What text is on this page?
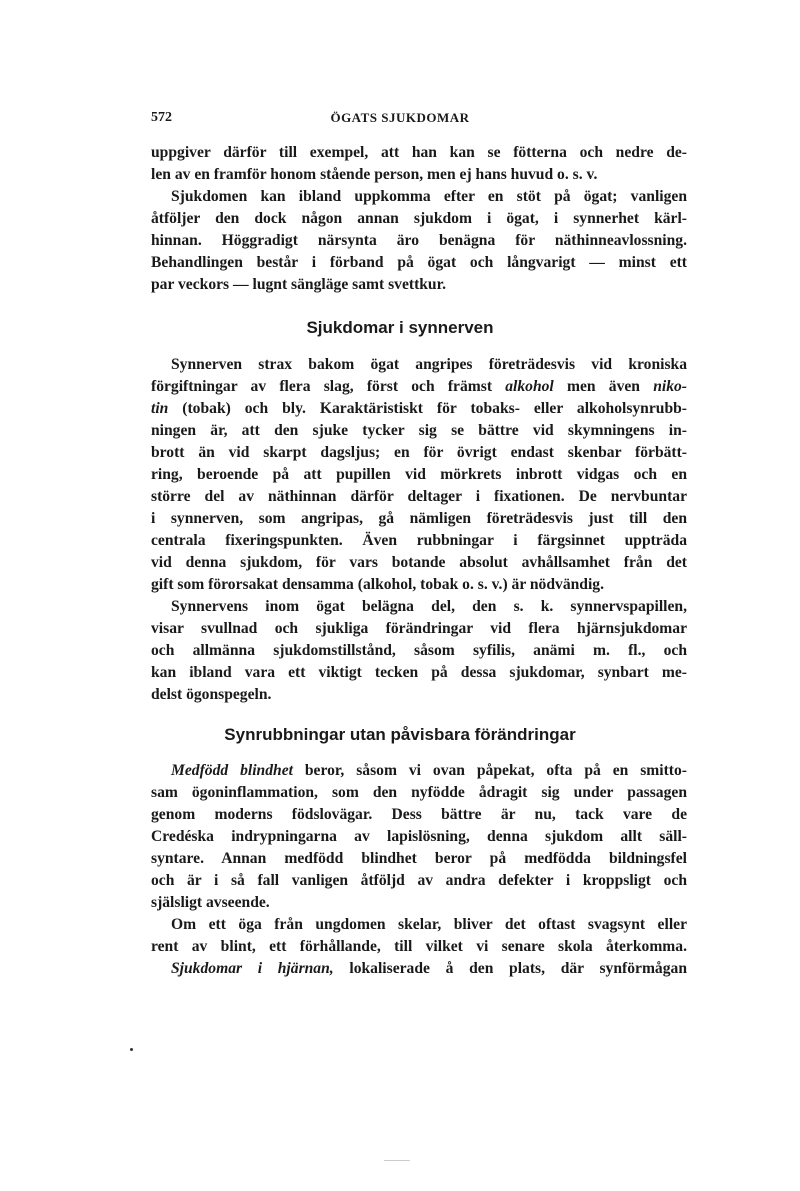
572	ÖGATS SJUKDOMAR
uppgiver därför till exempel, att han kan se fötterna och nedre de-
len av en framför honom stående person, men ej hans huvud o. s. v.
Sjukdomen kan ibland uppkomma efter en stöt på ögat; vanligen
åtföljer den dock någon annan sjukdom i ögat, i synnerhet kärl-
hinnan. Höggradigt närsynta äro benägna för näthinneavlossning.
Behandlingen består i förband på ögat och långvarigt — minst ett
par veckors — lugnt sängläge samt svettkur.
Sjukdomar i synnerven
Synnerven strax bakom ögat angripes företrädesvis vid kroniska
förgiftningar av flera slag, först och främst alkohol men även niko-
tin (tobak) och bly. Karaktäristiskt för tobaks- eller alkoholsynrubb-
ningen är, att den sjuke tycker sig se bättre vid skymningens in-
brott än vid skarpt dagsljus; en för övrigt endast skenbar förbätt-
ring, beroende på att pupillen vid mörkrets inbrott vidgas och en
större del av näthinnan därför deltager i fixationen. De nervbuntar
i synnerven, som angripas, gå nämligen företrädesvis just till den
centrala fixeringspunkten. Även rubbningar i färgsinnet uppträda
vid denna sjukdom, för vars botande absolut avhållsamhet från det
gift som förorsakat densamma (alkohol, tobak o. s. v.) är nödvändig.
Synnervens inom ögat belägna del, den s. k. synnervspapillen,
visar svullnad och sjukliga förändringar vid flera hjärnsjukdomar
och allmänna sjukdomstillstånd, såsom syfilis, anämi m. fl., och
kan ibland vara ett viktigt tecken på dessa sjukdomar, synbart me-
delst ögonspegeln.
Synrubbningar utan påvisbara förändringar
Medfödd blindhet beror, såsom vi ovan påpekat, ofta på en smitto-
sam ögoninflammation, som den nyfödde ådragit sig under passagen
genom moderns födslovägar. Dess bättre är nu, tack vare de
Credéska indrypningarna av lapislösning, denna sjukdom allt säll-
syntare. Annan medfödd blindhet beror på medfödda bildningsfel
och är i så fall vanligen åtföljd av andra defekter i kroppsligt och
själsligt avseende.
Om ett öga från ungdomen skelar, bliver det oftast svagsynt eller
rent av blint, ett förhållande, till vilket vi senare skola återkomma.
Sjukdomar i hjärnan, lokaliserade å den plats, där synförmågan
